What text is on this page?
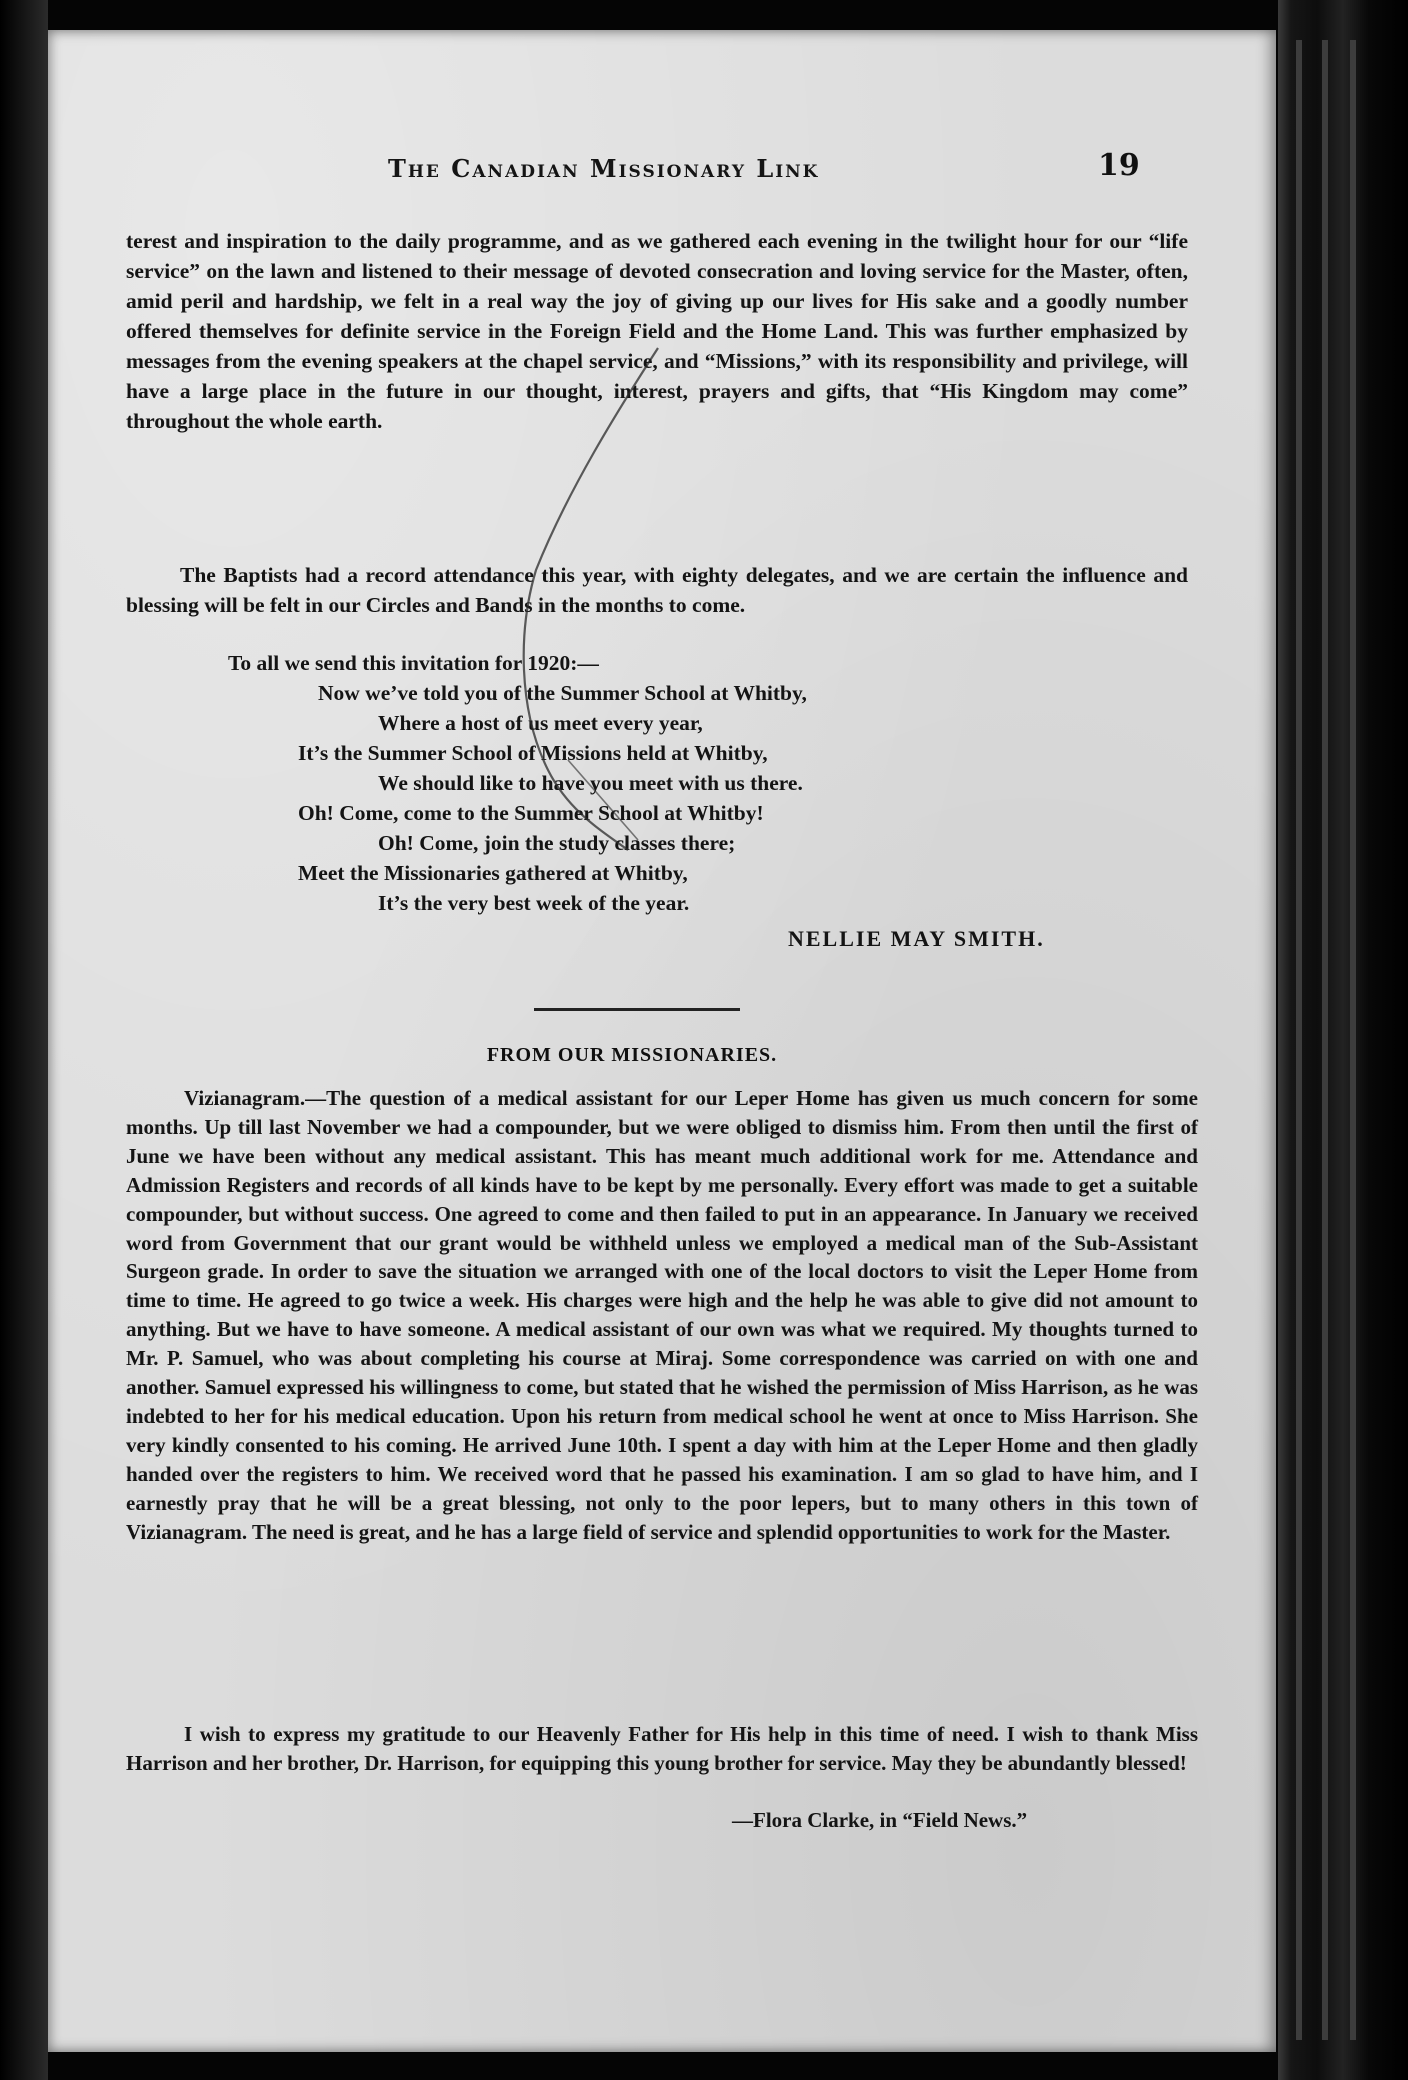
The Canadian Missionary Link	19

terest and inspiration to the daily programme, and as we gathered each evening in the twilight hour for our “life service” on the lawn and listened to their message of devoted consecration and loving service for the Master, often, amid peril and hardship, we felt in a real way the joy of giving up our lives for His sake and a goodly number offered themselves for definite service in the Foreign Field and the Home Land. This was further emphasized by messages from the evening speakers at the chapel service, and “Missions,” with its responsibility and privilege, will have a large place in the future in our thought, interest, prayers and gifts, that “His Kingdom may come” throughout the whole earth.

The Baptists had a record attendance this year, with eighty delegates, and we are certain the influence and blessing will be felt in our Circles and Bands in the months to come.

To all we send this invitation for 1920:—

Now we’ve told you of the Summer School at Whitby,
Where a host of us meet every year,
It’s the Summer School of Missions held at Whitby,
We should like to have you meet with us there.
Oh! Come, come to the Summer School at Whitby!
Oh! Come, join the study classes there;
Meet the Missionaries gathered at Whitby,
It’s the very best week of the year.
NELLIE MAY SMITH.
FROM OUR MISSIONARIES.

Vizianagram.—The question of a medical assistant for our Leper Home has given us much concern for some months. Up till last November we had a compounder, but we were obliged to dismiss him. From then until the first of June we have been without any medical assistant. This has meant much additional work for me. Attendance and Admission Registers and records of all kinds have to be kept by me personally. Every effort was made to get a suitable compounder, but without success. One agreed to come and then failed to put in an appearance. In January we received word from Government that our grant would be withheld unless we employed a medical man of the Sub-Assistant Surgeon grade. In order to save the situation we arranged with one of the local doctors to visit the Leper Home from time to time. He agreed to go twice a week. His charges were high and the help he was able to give did not amount to anything. But we have to have someone. A medical assistant of our own was what we required. My thoughts turned to Mr. P. Samuel, who was about completing his course at Miraj. Some correspondence was carried on with one and another. Samuel expressed his willingness to come, but stated that he wished the permission of Miss Harrison, as he was indebted to her for his medical education. Upon his return from medical school he went at once to Miss Harrison. She very kindly consented to his coming. He arrived June 10th. I spent a day with him at the Leper Home and then gladly handed over the registers to him. We received word that he passed his examination. I am so glad to have him, and I earnestly pray that he will be a great blessing, not only to the poor lepers, but to many others in this town of Vizianagram. The need is great, and he has a large field of service and splendid opportunities to work for the Master.

I wish to express my gratitude to our Heavenly Father for His help in this time of need. I wish to thank Miss Harrison and her brother, Dr. Harrison, for equipping this young brother for service. May they be abundantly blessed!

—Flora Clarke, in “Field News.”
